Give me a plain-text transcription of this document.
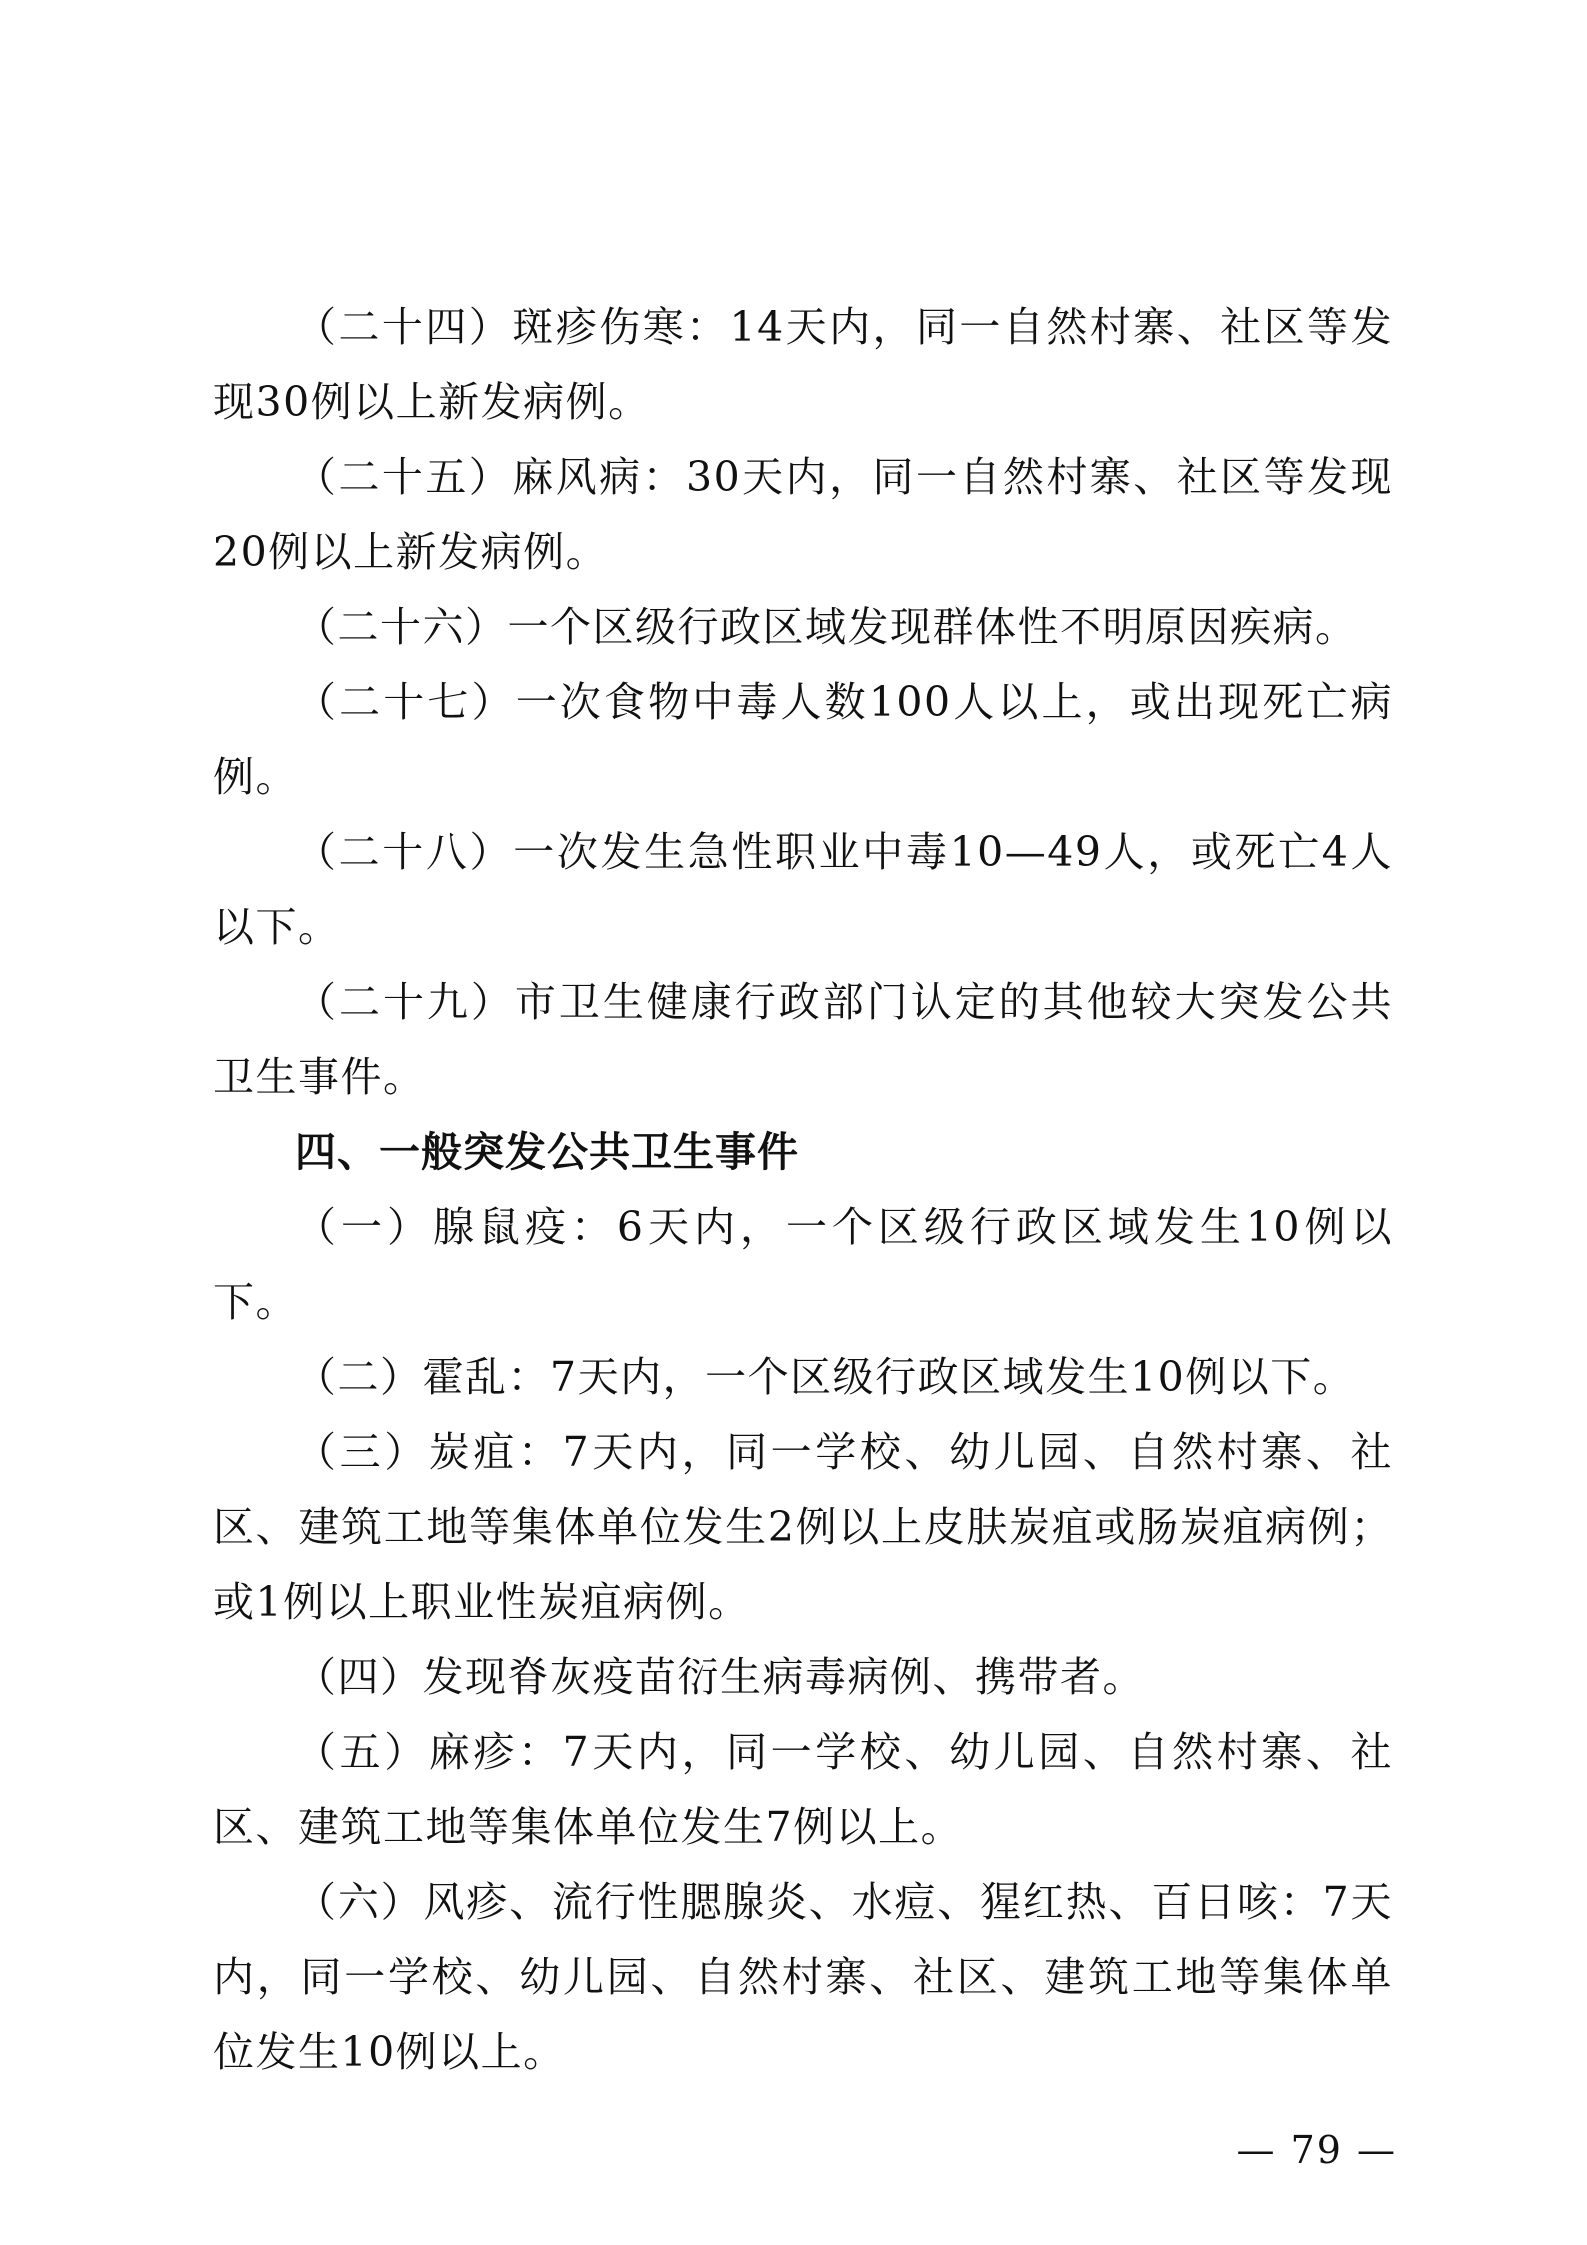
（二十四）斑疹伤寒：14天内，同一自然村寨、社区等发现30例以上新发病例。

（二十五）麻风病：30天内，同一自然村寨、社区等发现20例以上新发病例。

（二十六）一个区级行政区域发现群体性不明原因疾病。

（二十七）一次食物中毒人数100人以上，或出现死亡病例。

（二十八）一次发生急性职业中毒10—49人，或死亡4人以下。

（二十九）市卫生健康行政部门认定的其他较大突发公共卫生事件。

四、一般突发公共卫生事件

（一）腺鼠疫：6天内，一个区级行政区域发生10例以下。

（二）霍乱：7天内，一个区级行政区域发生10例以下。

（三）炭疽：7天内，同一学校、幼儿园、自然村寨、社区、建筑工地等集体单位发生2例以上皮肤炭疽或肠炭疽病例；或1例以上职业性炭疽病例。

（四）发现脊灰疫苗衍生病毒病例、携带者。

（五）麻疹：7天内，同一学校、幼儿园、自然村寨、社区、建筑工地等集体单位发生7例以上。

（六）风疹、流行性腮腺炎、水痘、猩红热、百日咳：7天内，同一学校、幼儿园、自然村寨、社区、建筑工地等集体单位发生10例以上。

— 79 —
